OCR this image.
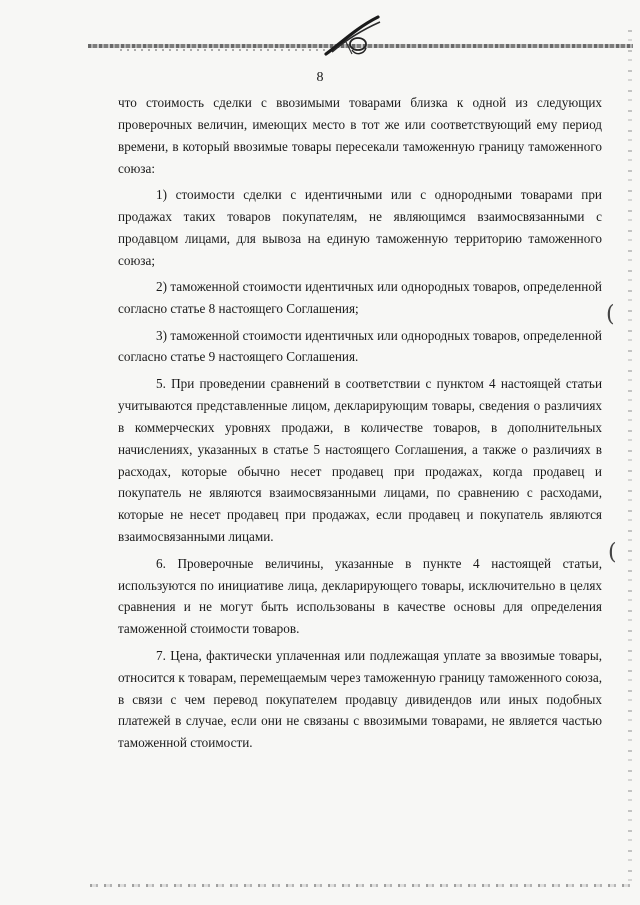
8

что стоимость сделки с ввозимыми товарами близка к одной из следующих проверочных величин, имеющих место в тот же или соответствующий ему период времени, в который ввозимые товары пересекали таможенную границу таможенного союза:

1) стоимости сделки с идентичными или с однородными товарами при продажах таких товаров покупателям, не являющимся взаимосвязанными с продавцом лицами, для вывоза на единую таможенную территорию таможенного союза;

2) таможенной стоимости идентичных или однородных товаров, определенной согласно статье 8 настоящего Соглашения;

3) таможенной стоимости идентичных или однородных товаров, определенной согласно статье 9 настоящего Соглашения.

5. При проведении сравнений в соответствии с пунктом 4 настоящей статьи учитываются представленные лицом, декларирующим товары, сведения о различиях в коммерческих уровнях продажи, в количестве товаров, в дополнительных начислениях, указанных в статье 5 настоящего Соглашения, а также о различиях в расходах, которые обычно несет продавец при продажах, когда продавец и покупатель не являются взаимосвязанными лицами, по сравнению с расходами, которые не несет продавец при продажах, если продавец и покупатель являются взаимосвязанными лицами.

6. Проверочные величины, указанные в пункте 4 настоящей статьи, используются по инициативе лица, декларирующего товары, исключительно в целях сравнения и не могут быть использованы в качестве основы для определения таможенной стоимости товаров.

7. Цена, фактически уплаченная или подлежащая уплате за ввозимые товары, относится к товарам, перемещаемым через таможенную границу таможенного союза, в связи с чем перевод покупателем продавцу дивидендов или иных подобных платежей в случае, если они не связаны с ввозимыми товарами, не является частью таможенной стоимости.

(
(
